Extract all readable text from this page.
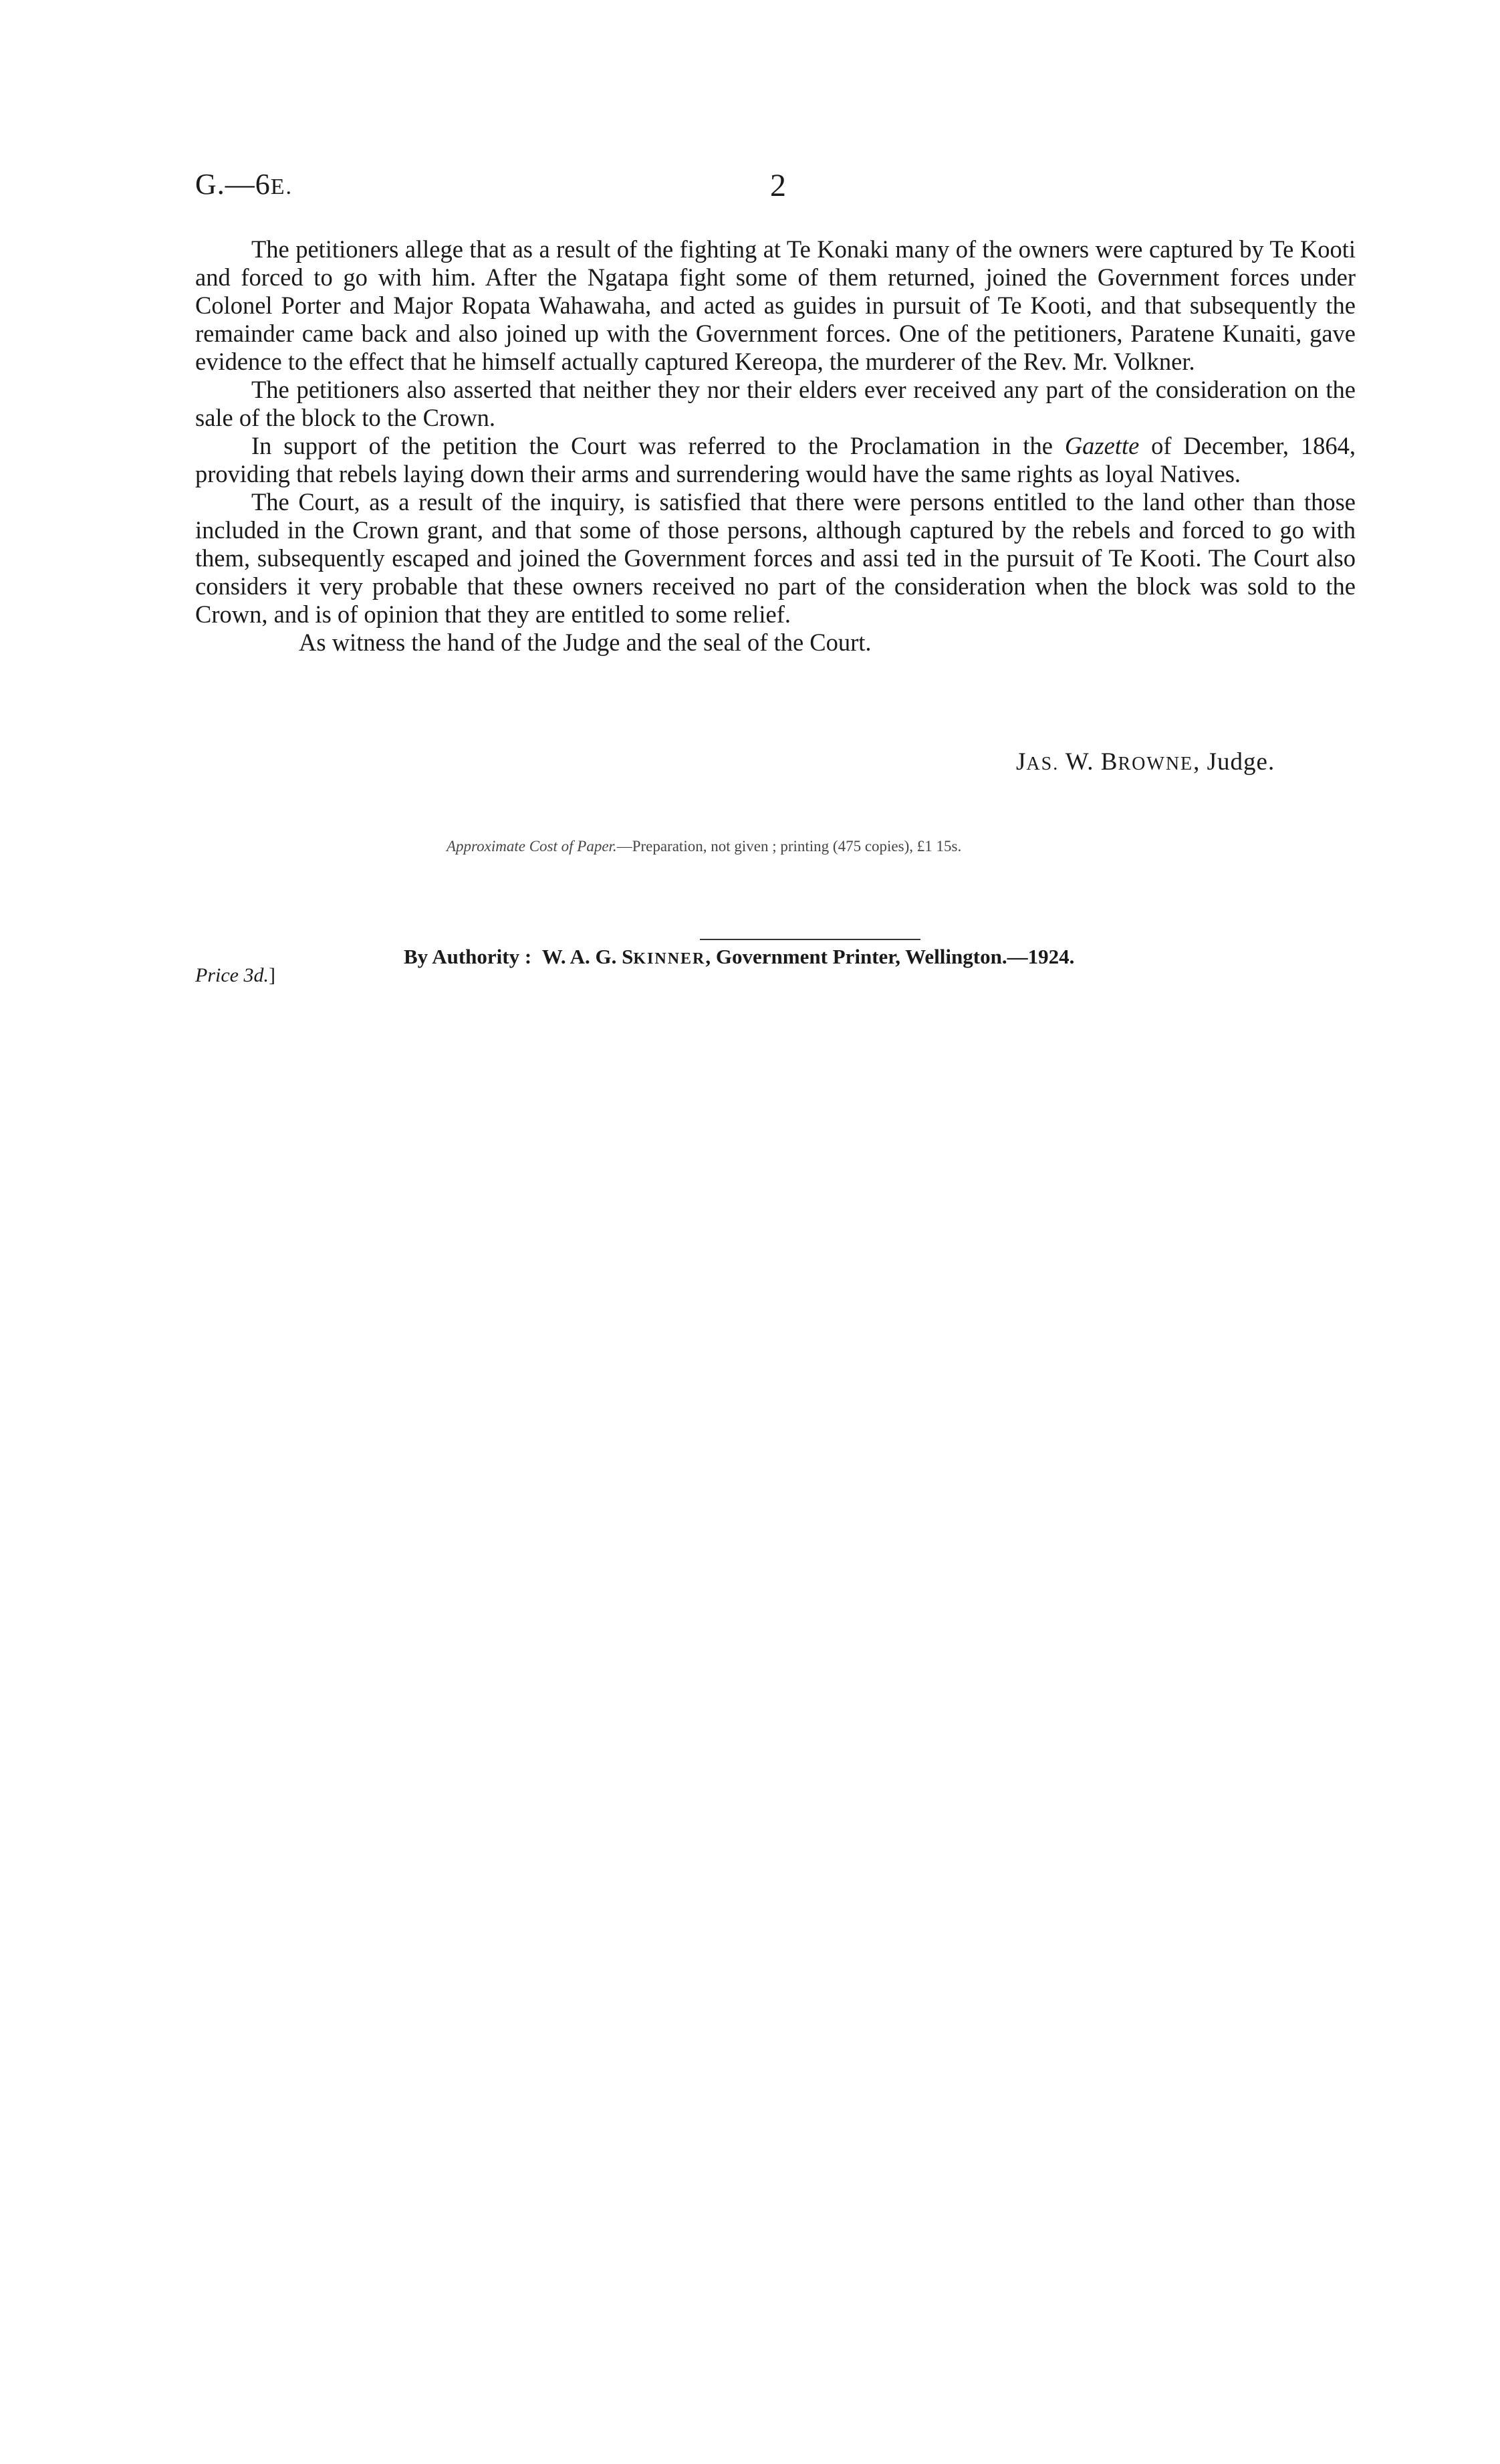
G.—6E.	2

The petitioners allege that as a result of the fighting at Te Konaki many of the owners were captured by Te Kooti and forced to go with him. After the Ngatapa fight some of them returned, joined the Government forces under Colonel Porter and Major Ropata Wahawaha, and acted as guides in pursuit of Te Kooti, and that subsequently the remainder came back and also joined up with the Government forces. One of the petitioners, Paratene Kunaiti, gave evidence to the effect that he himself actually captured Kereopa, the murderer of the Rev. Mr. Volkner.

The petitioners also asserted that neither they nor their elders ever received any part of the consideration on the sale of the block to the Crown.

In support of the petition the Court was referred to the Proclamation in the Gazette of December, 1864, providing that rebels laying down their arms and surrendering would have the same rights as loyal Natives.

The Court, as a result of the inquiry, is satisfied that there were persons entitled to the land other than those included in the Crown grant, and that some of those persons, although captured by the rebels and forced to go with them, subsequently escaped and joined the Government forces and assi ted in the pursuit of Te Kooti. The Court also considers it very probable that these owners received no part of the consideration when the block was sold to the Crown, and is of opinion that they are entitled to some relief.

As witness the hand of the Judge and the seal of the Court.

JAS. W. BROWNE, Judge.
Approximate Cost of Paper.—Preparation, not given ; printing (475 copies), £1 15s.
By Authority : W. A. G. SKINNER, Government Printer, Wellington.—1924.
Price 3d.]
